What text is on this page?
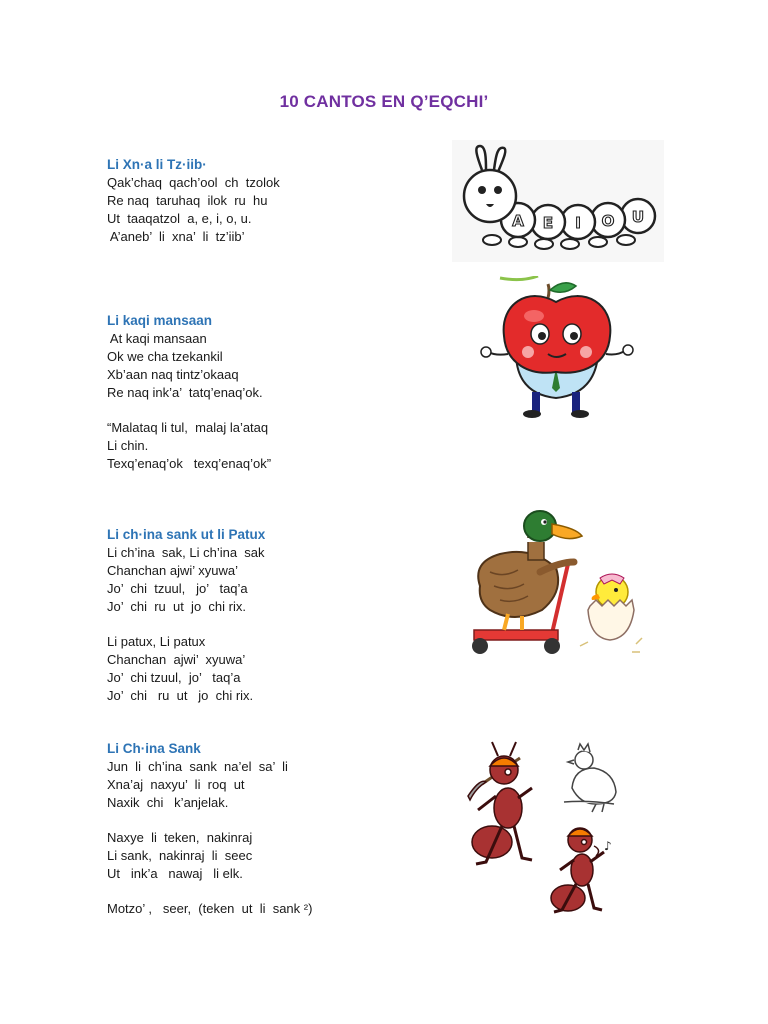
10 CANTOS EN Q’EQCHI’

Li Xn·a li Tz·iib·

Qak’chaq  qach’ool  ch  tzolok

Re naq  taruhaq  ilok  ru  hu

Ut  taaqatzol  a, e, i, o, u.

A’aneb’  li  xna’  li  tz’iib’

Li kaqi mansaan

At kaqi mansaan

Ok we cha tzekankil

Xb’aan naq tintz’okaaq

Re naq ink’a’  tatq’enaq’ok.

“Malataq li tul,  malaj la’ataq

Li chin.

Texq’enaq’ok   texq’enaq’ok”

Li ch·ina sank ut li Patux

Li ch’ina  sak, Li ch’ina  sak

Chanchan ajwi’ xyuwa’

Jo’  chi  tzuul,   jo’   taq’a

Jo’  chi  ru  ut  jo  chi rix.

Li patux, Li patux

Chanchan  ajwi’  xyuwa’

Jo’  chi tzuul,  jo’   taq’a

Jo’  chi   ru  ut   jo  chi rix.

Li Ch·ina Sank

Jun  li  ch’ina  sank  na’el  sa’  li

Xna’aj  naxyu’  li  roq  ut

Naxik  chi   k’anjelak.

Naxye  li  teken,  nakinraj

Li sank,  nakinraj  li  seec

Ut   ink’a   nawaj   li elk.

Motzo’ ,   seer,  (teken  ut  li  sank ²)

A E I O U
♪
